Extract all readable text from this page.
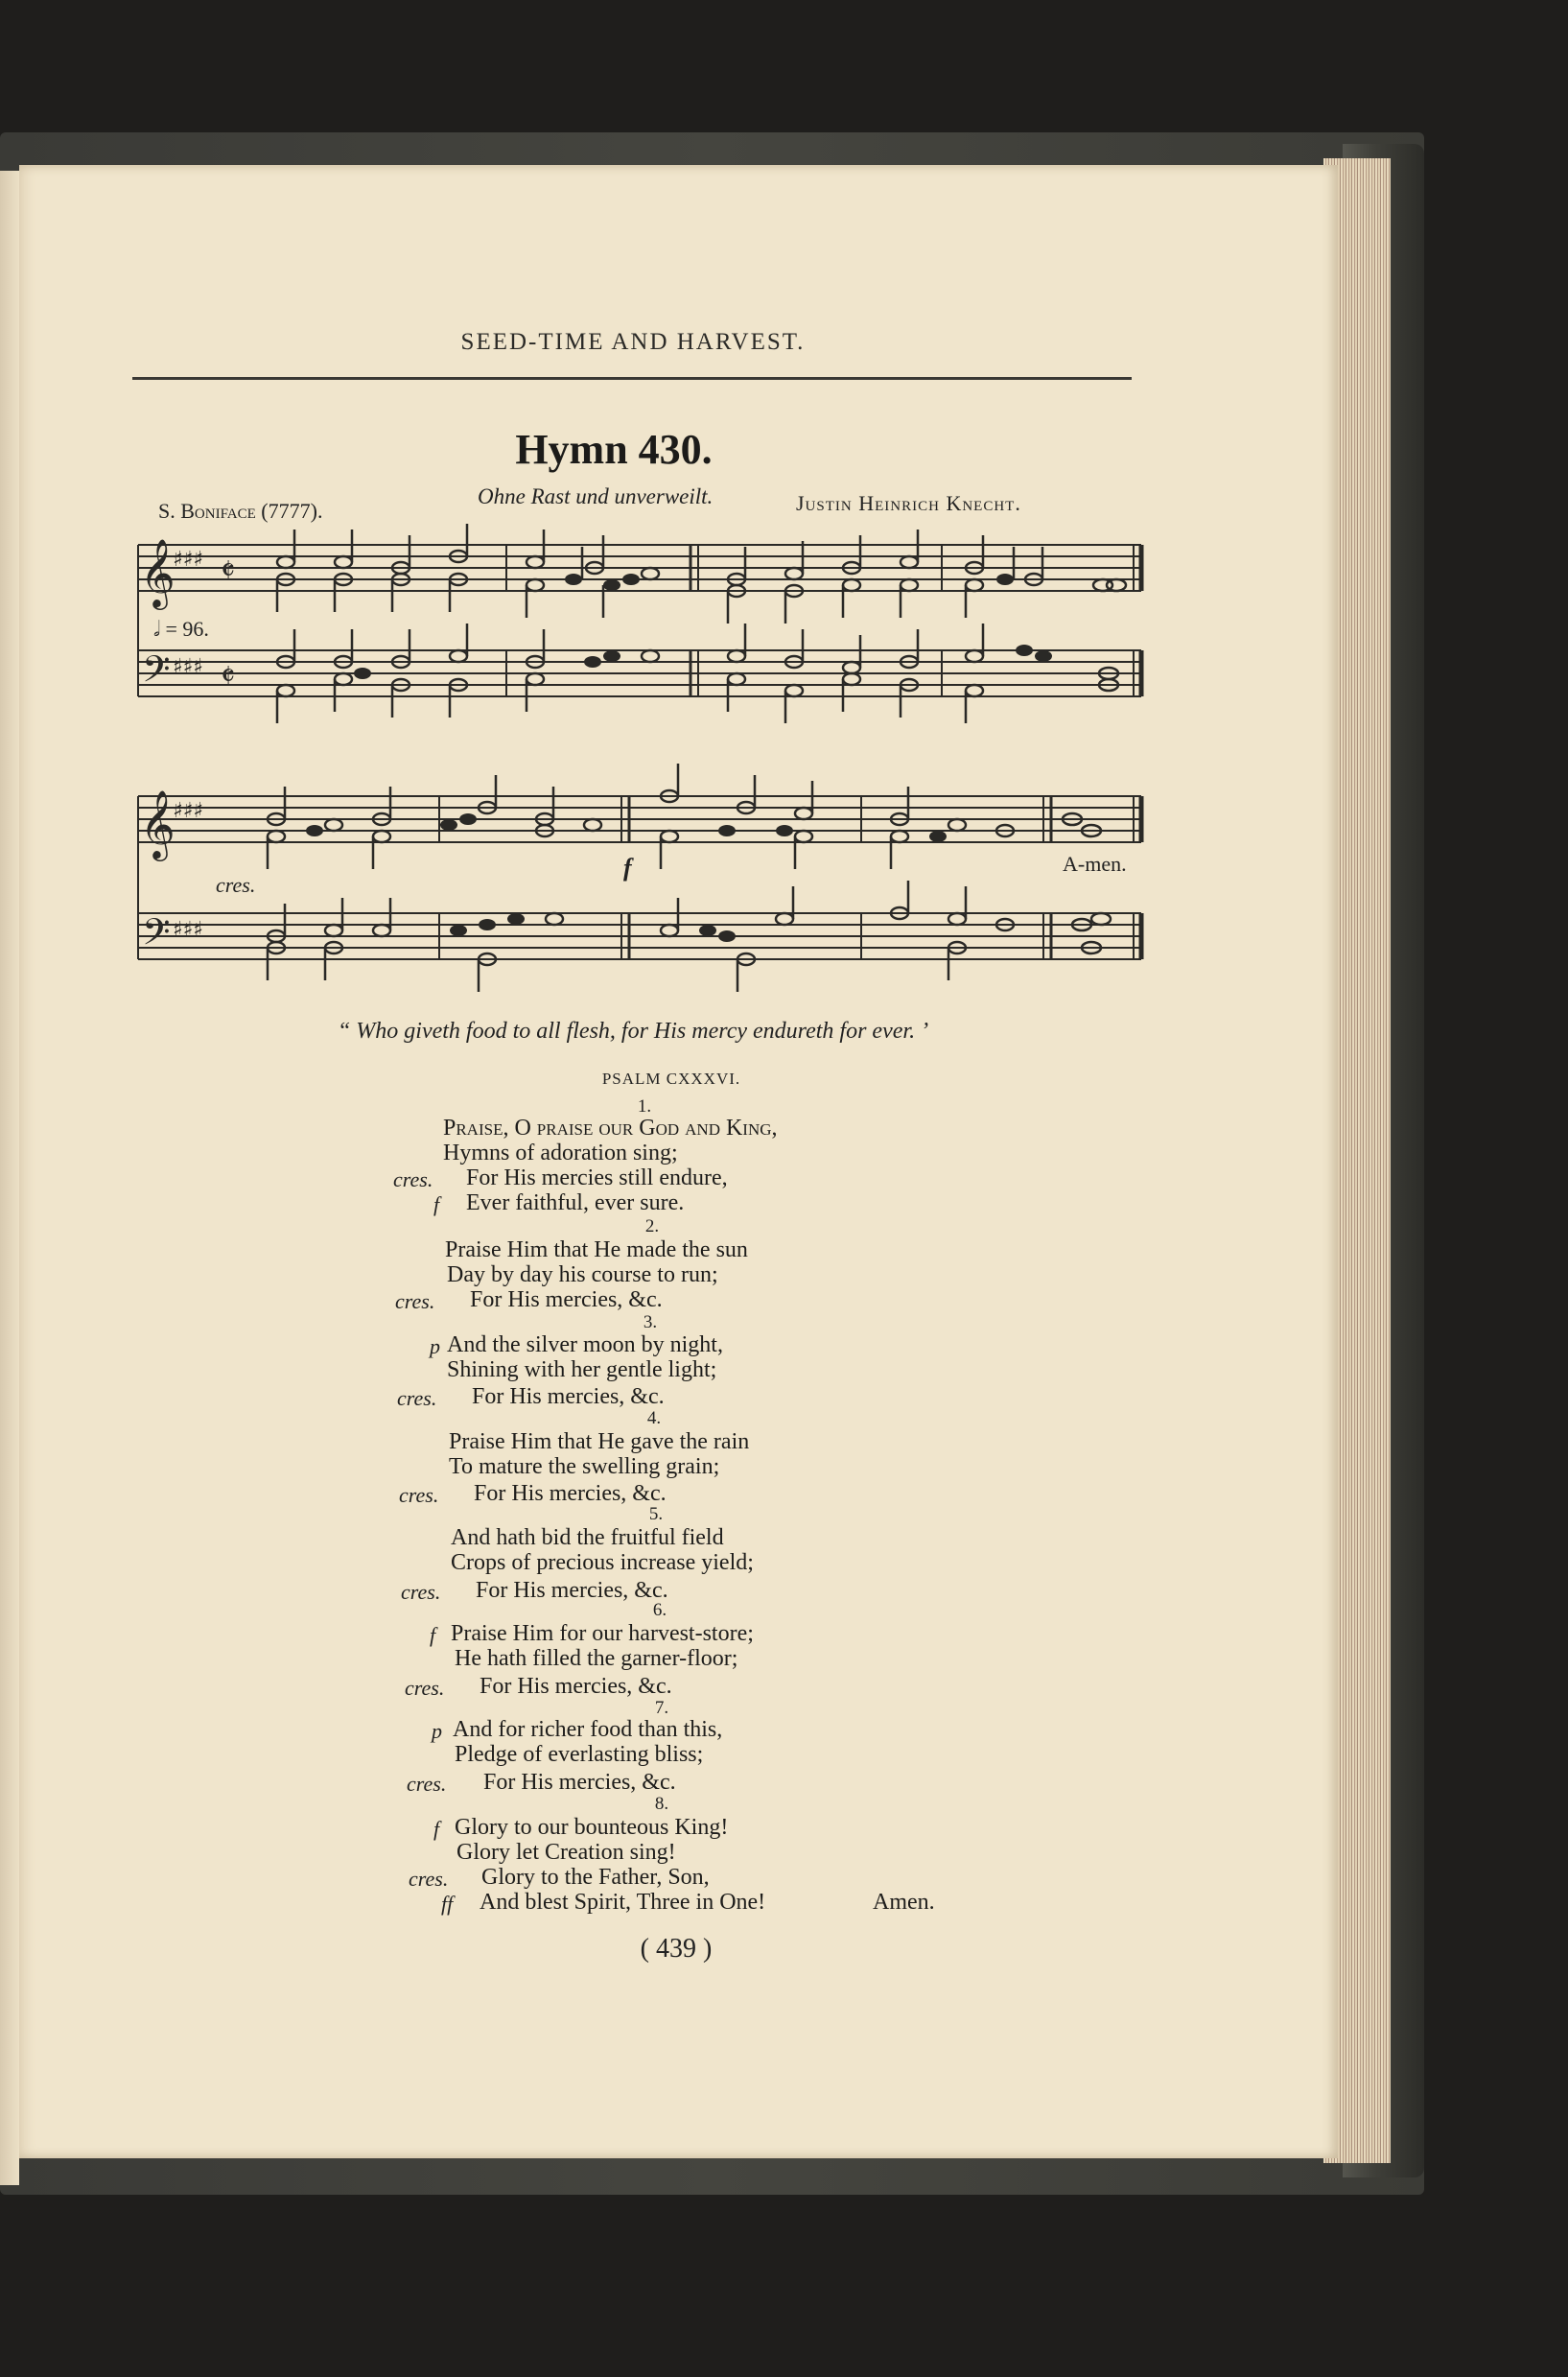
SEED-TIME AND HARVEST.
Hymn 430.
S. Boniface (7777).
Ohne Rast und unverweilt.	Justin Heinrich Knecht.
𝄞
𝄢
♯♯♯
♯♯♯
𝄵
𝄵
𝄞
𝄢
♯♯♯
♯♯♯
𝅗𝅥 = 96.
cres.
f	A-men.
“ Who giveth food to all flesh, for His mercy endureth for ever. ’
PSALM CXXXVI.
1.
Praise, O praise our God and King,
Hymns of adoration sing;
cres. For His mercies still endure,
f Ever faithful, ever sure.
2.
Praise Him that He made the sun
Day by day his course to run;
cres. For His mercies, &c.
3.
p And the silver moon by night,
Shining with her gentle light;
cres. For His mercies, &c.
4.
Praise Him that He gave the rain
To mature the swelling grain;
cres. For His mercies, &c.
5.
And hath bid the fruitful field
Crops of precious increase yield;
cres. For His mercies, &c.
6.
f Praise Him for our harvest-store;
He hath filled the garner-floor;
cres. For His mercies, &c.
7.
p And for richer food than this,
Pledge of everlasting bliss;
cres. For His mercies, &c.
8.
f Glory to our bounteous King!
Glory let Creation sing!
cres. Glory to the Father, Son,
ff And blest Spirit, Three in One!	Amen.
( 439 )
